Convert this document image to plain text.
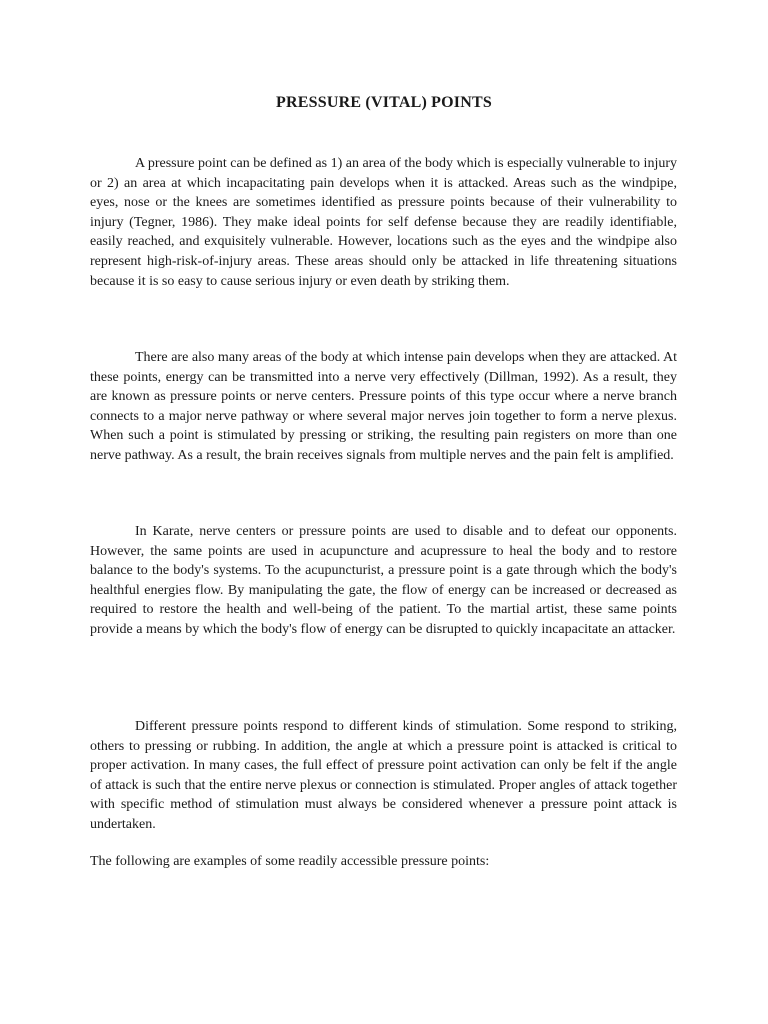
PRESSURE (VITAL) POINTS

A pressure point can be defined as 1) an area of the body which is especially vulnerable to injury or 2) an area at which incapacitating pain develops when it is attacked. Areas such as the windpipe, eyes, nose or the knees are sometimes identified as pressure points because of their vulnerability to injury (Tegner, 1986). They make ideal points for self defense because they are readily identifiable, easily reached, and exquisitely vulnerable. However, locations such as the eyes and the windpipe also represent high-risk-of-injury areas. These areas should only be attacked in life threatening situations because it is so easy to cause serious injury or even death by striking them.

There are also many areas of the body at which intense pain develops when they are attacked. At these points, energy can be transmitted into a nerve very effectively (Dillman, 1992). As a result, they are known as pressure points or nerve centers. Pressure points of this type occur where a nerve branch connects to a major nerve pathway or where several major nerves join together to form a nerve plexus. When such a point is stimulated by pressing or striking, the resulting pain registers on more than one nerve pathway. As a result, the brain receives signals from multiple nerves and the pain felt is amplified.

In Karate, nerve centers or pressure points are used to disable and to defeat our opponents. However, the same points are used in acupuncture and acupressure to heal the body and to restore balance to the body's systems. To the acupuncturist, a pressure point is a gate through which the body's healthful energies flow. By manipulating the gate, the flow of energy can be increased or decreased as required to restore the health and well-being of the patient. To the martial artist, these same points provide a means by which the body's flow of energy can be disrupted to quickly incapacitate an attacker.

Different pressure points respond to different kinds of stimulation. Some respond to striking, others to pressing or rubbing. In addition, the angle at which a pressure point is attacked is critical to proper activation. In many cases, the full effect of pressure point activation can only be felt if the angle of attack is such that the entire nerve plexus or connection is stimulated. Proper angles of attack together with specific method of stimulation must always be considered whenever a pressure point attack is undertaken.

The following are examples of some readily accessible pressure points:
